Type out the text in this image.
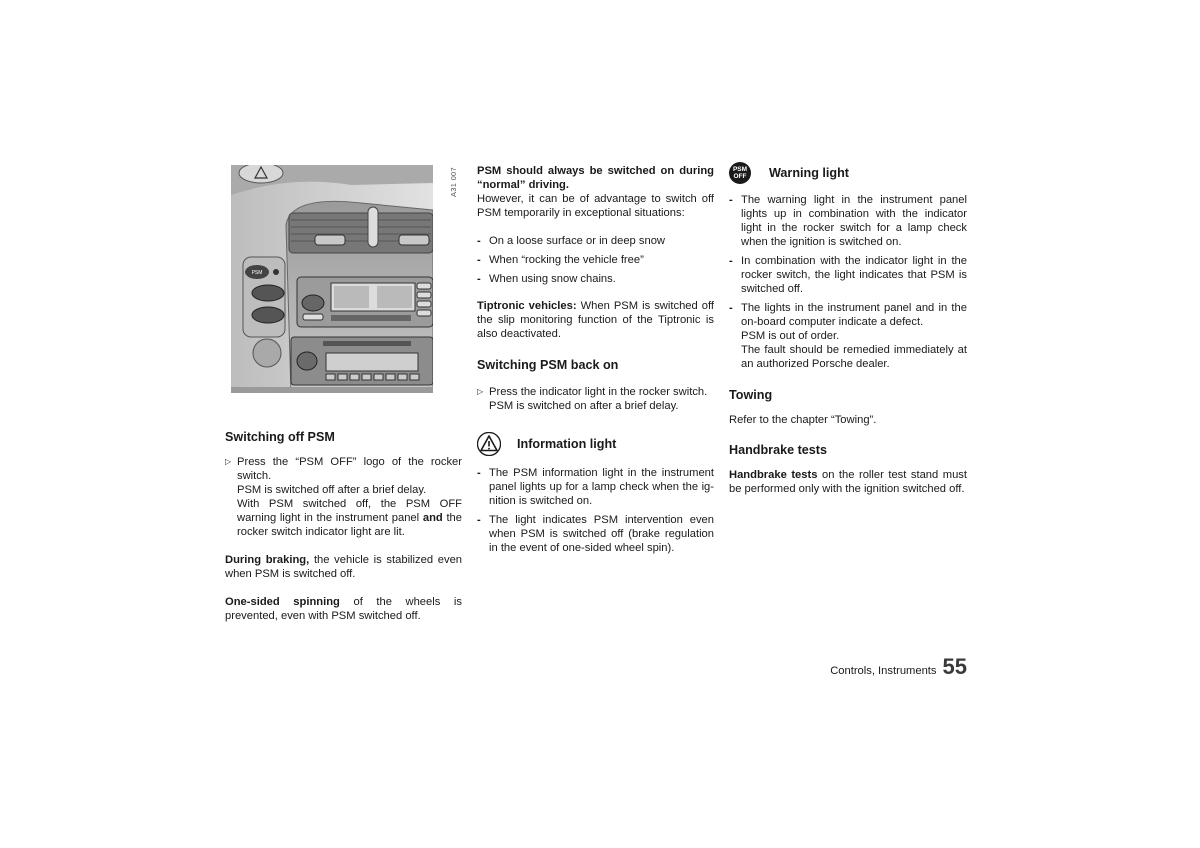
PSM
A31 007
Switching off PSM

▷ Press the “PSM OFF” logo of the rocker switch.

PSM is switched off after a brief delay.

With PSM switched off, the PSM OFF warning light in the instrument panel and the rocker switch indicator light are lit.

During braking, the vehicle is stabilized even when PSM is switched off.

One-sided spinning of the wheels is prevented, even with PSM switched off.

PSM should always be switched on during “normal” driving.

However, it can be of advantage to switch off PSM temporarily in exceptional situations:

- On a loose surface or in deep snow
- When “rocking the vehicle free”
- When using snow chains.

Tiptronic vehicles: When PSM is switched off the slip monitoring function of the Tiptronic is also deactivated.

Switching PSM back on

▷ Press the indicator light in the rocker switch.

PSM is switched on after a brief delay.

Information light
- The PSM information light in the instrument panel lights up for a lamp check when the ig-nition is switched on.
- The light indicates PSM intervention even when PSM is switched off (brake regulation in the event of one-sided wheel spin).
PSM
OFF Warning light
- The warning light in the instrument panel lights up in combination with the indicator light in the rocker switch for a lamp check when the ignition is switched on.
- In combination with the indicator light in the rocker switch, the light indicates that PSM is switched off.

- The lights in the instrument panel and in the on-board computer indicate a defect.

PSM is out of order.

The fault should be remedied immediately at an authorized Porsche dealer.

Towing

Refer to the chapter “Towing”.

Handbrake tests

Handbrake tests on the roller test stand must be performed only with the ignition switched off.

Controls, Instruments 55
